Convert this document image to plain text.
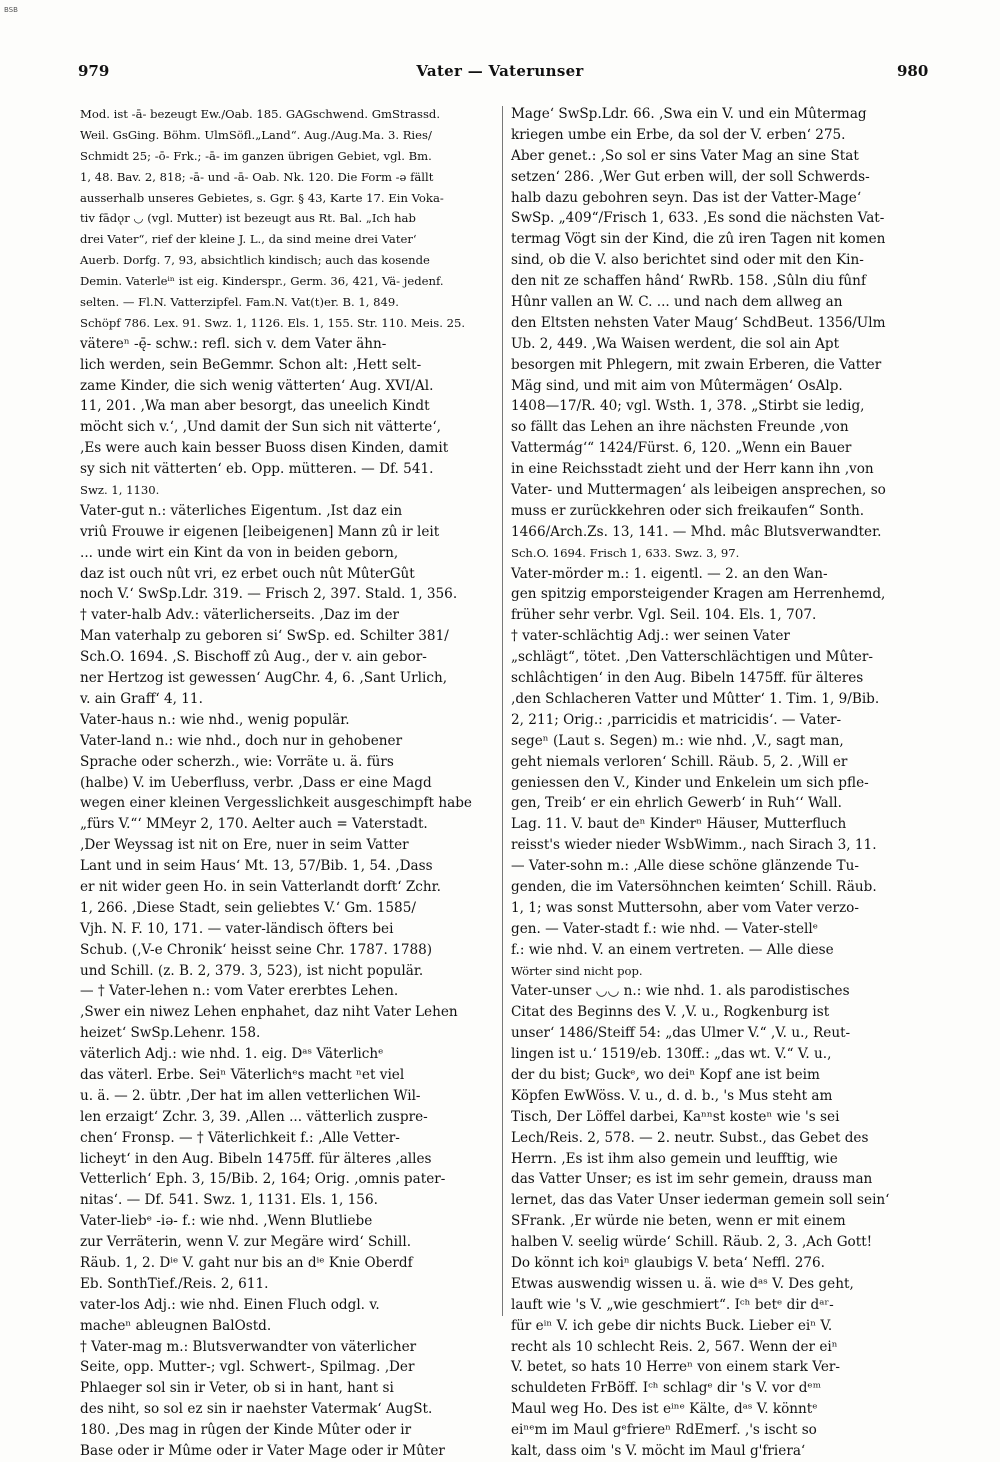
BSB
979	Vater — Vaterunser	980
Mod. ist -ā- bezeugt Ew./Oab. 185. GAGschwend. GmStrassd.
Weil. GsGing. Böhm. UlmSöfl.„Land“. Aug./Aug.Ma. 3. Ries/
Schmidt 25; -ō- Frk.; -ā- im ganzen übrigen Gebiet, vgl. Bm.
1, 48. Bav. 2, 818; -ā- und -ā- Oab. Nk. 120. Die Form -ə fällt
ausserhalb unseres Gebietes, s. Ggr. § 43, Karte 17. Ein Voka-
tiv fādǫr ◡ (vgl. Mutter) ist bezeugt aus Rt. Bal. „Ich hab
drei Vater“, rief der kleine J. L., da sind meine drei Vater‘
Auerb. Dorfg. 7, 93, absichtlich kindisch; auch das kosende
Demin. Vaterleⁱⁿ ist eig. Kinderspr., Germ. 36, 421, Vä- jedenf.
selten. — Fl.N. Vatterzipfel. Fam.N. Vat(t)er. B. 1, 849.
Schöpf 786. Lex. 91. Swz. 1, 1126. Els. 1, 155. Str. 110. Meis. 25.
vätereⁿ -ę̄- schw.: refl. sich v. dem Vater ähn-
lich werden, sein BeGemmr. Schon alt: ‚Hett selt-
zame Kinder, die sich wenig vätterten‘ Aug. XVI/Al.
11, 201. ‚Wa man aber besorgt, das uneelich Kindt
möcht sich v.‘, ‚Und damit der Sun sich nit vätterte‘,
‚Es were auch kain besser Buoss disen Kinden, damit
sy sich nit vätterten‘ eb. Opp. mütteren. — Df. 541.
Swz. 1, 1130.
Vater-gut n.: väterliches Eigentum. ‚Ist daz ein
vriû Frouwe ir eigenen [leibeigenen] Mann zû ir leit
... unde wirt ein Kint da von in beiden geborn,
daz ist ouch nût vri, ez erbet ouch nût MûterGût
noch V.‘ SwSp.Ldr. 319. — Frisch 2, 397. Stald. 1, 356.
† vater-halb Adv.: väterlicherseits. ‚Daz im der
Man vaterhalp zu geboren si‘ SwSp. ed. Schilter 381/
Sch.O. 1694. ‚S. Bischoff zû Aug., der v. ain gebor-
ner Hertzog ist gewessen‘ AugChr. 4, 6. ‚Sant Urlich,
v. ain Graff‘ 4, 11.
Vater-haus n.: wie nhd., wenig populär.
Vater-land n.: wie nhd., doch nur in gehobener
Sprache oder scherzh., wie: Vorräte u. ä. fürs
(halbe) V. im Ueberfluss, verbr. ‚Dass er eine Magd
wegen einer kleinen Vergesslichkeit ausgeschimpft habe
„fürs V.“‘ MMeyr 2, 170. Aelter auch = Vaterstadt.
‚Der Weyssag ist nit on Ere, nuer in seim Vatter
Lant und in seim Haus‘ Mt. 13, 57/Bib. 1, 54. ‚Dass
er nit wider geen Ho. in sein Vatterlandt dorft‘ Zchr.
1, 266. ‚Diese Stadt, sein geliebtes V.‘ Gm. 1585/
Vjh. N. F. 10, 171. — vater-ländisch öfters bei
Schub. (‚V-e Chronik‘ heisst seine Chr. 1787. 1788)
und Schill. (z. B. 2, 379. 3, 523), ist nicht populär.
— † Vater-lehen n.: vom Vater ererbtes Lehen.
‚Swer ein niwez Lehen enphahet, daz niht Vater Lehen
heizet‘ SwSp.Lehenr. 158.
väterlich Adj.: wie nhd. 1. eig. Dᵃˢ Väterlichᵉ
das väterl. Erbe. Seiⁿ Väterlichᵉs macht ⁿet viel
u. ä. — 2. übtr. ‚Der hat im allen vetterlichen Wil-
len erzaigt‘ Zchr. 3, 39. ‚Allen ... vätterlich zusprе-
chen‘ Fronsp. — † Väterlichkeit f.: ‚Alle Vetter-
licheyt‘ in den Aug. Bibeln 1475ff. für älteres ‚alles
Vetterlich‘ Eph. 3, 15/Bib. 2, 164; Orig. ‚omnis pater-
nitas‘. — Df. 541. Swz. 1, 1131. Els. 1, 156.
Vater-liebᵉ -iə- f.: wie nhd. ‚Wenn Blutliebe
zur Verräterin, wenn V. zur Megäre wird‘ Schill.
Räub. 1, 2. Dⁱᵉ V. gaht nur bis an dⁱᵉ Knie Oberdf
Eb. SonthTief./Reis. 2, 611.
vater-los Adj.: wie nhd. Einen Fluch odgl. v.
macheⁿ ableugnen BalOstd.
† Vater-mag m.: Blutsverwandter von väterlicher
Seite, opp. Mutter-; vgl. Schwert-, Spilmag. ‚Der
Phlaeger sol sin ir Veter, ob si in hant, hant si
des niht, so sol ez sin ir naehster Vatermak‘ AugSt.
180. ‚Des mag in rûgen der Kinde Mûter oder ir
Base oder ir Mûme oder ir Vater Mage oder ir Mûter
Mage‘ SwSp.Ldr. 66. ‚Swa ein V. und ein Mûtermag
kriegen umbe ein Erbe, da sol der V. erben‘ 275.
Aber genet.: ‚So sol er sins Vater Mag an sine Stat
setzen‘ 286. ‚Wer Gut erben will, der soll Schwerds-
halb dazu gebohren seyn. Das ist der Vatter-Mage‘
SwSp. „409“/Frisch 1, 633. ‚Es sond die nächsten Vat-
termag Vögt sin der Kind, die zû iren Tagen nit komen
sind, ob die V. also berichtet sind oder mit den Kin-
den nit ze schaffen hând‘ RwRb. 158. ‚Sûln diu fûnf
Hûnr vallen an W. C. ... und nach dem allweg an
den Eltsten nehsten Vater Maug‘ SchdBeut. 1356/Ulm
Ub. 2, 449. ‚Wa Waisen werdent, die sol ain Apt
besorgen mit Phlegern, mit zwain Erberen, die Vatter
Mäg sind, und mit aim von Mûtermägen‘ OsAlp.
1408—17/R. 40; vgl. Wsth. 1, 378. „Stirbt sie ledig,
so fällt das Lehen an ihre nächsten Freunde ‚von
Vattermág‘“ 1424/Fürst. 6, 120. „Wenn ein Bauer
in eine Reichsstadt zieht und der Herr kann ihn ‚von
Vater- und Muttermagen‘ als leibeigen ansprechen, so
muss er zurückkehren oder sich freikaufen“ Sonth.
1466/Arch.Zs. 13, 141. — Mhd. mâc Blutsverwandter.
Sch.O. 1694. Frisch 1, 633. Swz. 3, 97.
Vater-mörder m.: 1. eigentl. — 2. an den Wan-
gen spitzig emporsteigender Kragen am Herrenhemd,
früher sehr verbr. Vgl. Seil. 104. Els. 1, 707.
† vater-schlächtig Adj.: wer seinen Vater
„schlägt“, tötet. ‚Den Vatterschlächtigen und Mûter-
schlâchtigen‘ in den Aug. Bibeln 1475ff. für älteres
‚den Schlacheren Vatter und Mûtter‘ 1. Tim. 1, 9/Bib.
2, 211; Orig.: ‚parricidis et matricidis‘. — Vater-
segeⁿ (Laut s. Segen) m.: wie nhd. ‚V., sagt man,
geht niemals verloren‘ Schill. Räub. 5, 2. ‚Will er
geniessen den V., Kinder und Enkelein um sich pfle-
gen, Treib‘ er ein ehrlich Gewerb‘ in Ruh‘‘ Wall.
Lag. 11. V. baut deⁿ Kinderⁿ Häuser, Mutterfluch
reisst's wieder nieder WsbWimm., nach Sirach 3, 11.
— Vater-sohn m.: ‚Alle diese schöne glänzende Tu-
genden, die im Vatersöhnchen keimten‘ Schill. Räub.
1, 1; was sonst Muttersohn, aber vom Vater verzo-
gen. — Vater-stadt f.: wie nhd. — Vater-stellᵉ
f.: wie nhd. V. an einem vertreten. — Alle diese
Wörter sind nicht pop.
Vater-unser ◡◡ n.: wie nhd. 1. als parodistisches
Citat des Beginns des V. ‚V. u., Rogkenburg ist
unser‘ 1486/Steiff 54: „das Ulmer V.“ ‚V. u., Reut-
lingen ist u.‘ 1519/eb. 130ff.: „das wt. V.“ V. u.,
der du bist; Guckᵉ, wo deiⁿ Kopf ane ist beim
Köpfen EwWöss. V. u., d. d. b., 's Mus steht am
Tisch, Der Löffel darbei, Kaⁿⁿst kosteⁿ wie 's sei
Lech/Reis. 2, 578. — 2. neutr. Subst., das Gebet des
Herrn. ‚Es ist ihm also gemein und leufftig, wie
das Vatter Unser; es ist im sehr gemein, drauss man
lernet, das das Vater Unser iederman gemein soll sein‘
SFrank. ‚Er würde nie beten, wenn er mit einem
halben V. seelig würde‘ Schill. Räub. 2, 3. ‚Ach Gott!
Do könnt ich koiⁿ glaubigs V. beta‘ Neffl. 276.
Etwas auswendig wissen u. ä. wie dᵃˢ V. Des geht,
lauft wie 's V. „wie geschmiert“. Iᶜʰ betᵉ dir dᵃʳ-
für eⁱⁿ V. ich gebe dir nichts Buck. Lieber eiⁿ V.
recht als 10 schlecht Reis. 2, 567. Wenn der eiⁿ
V. betet, so hats 10 Herreⁿ von einem stark Ver-
schuldeten FrBöff. Iᶜʰ schlagᵉ dir 's V. vor dᵉᵐ
Maul weg Ho. Des ist eⁱⁿᵉ Kälte, dᵃˢ V. könntᵉ
eiⁿᵉm im Maul gᵉfriereⁿ RdEmerf. ‚'s ischt so
kalt, dass oim 's V. möcht im Maul g'friera‘
